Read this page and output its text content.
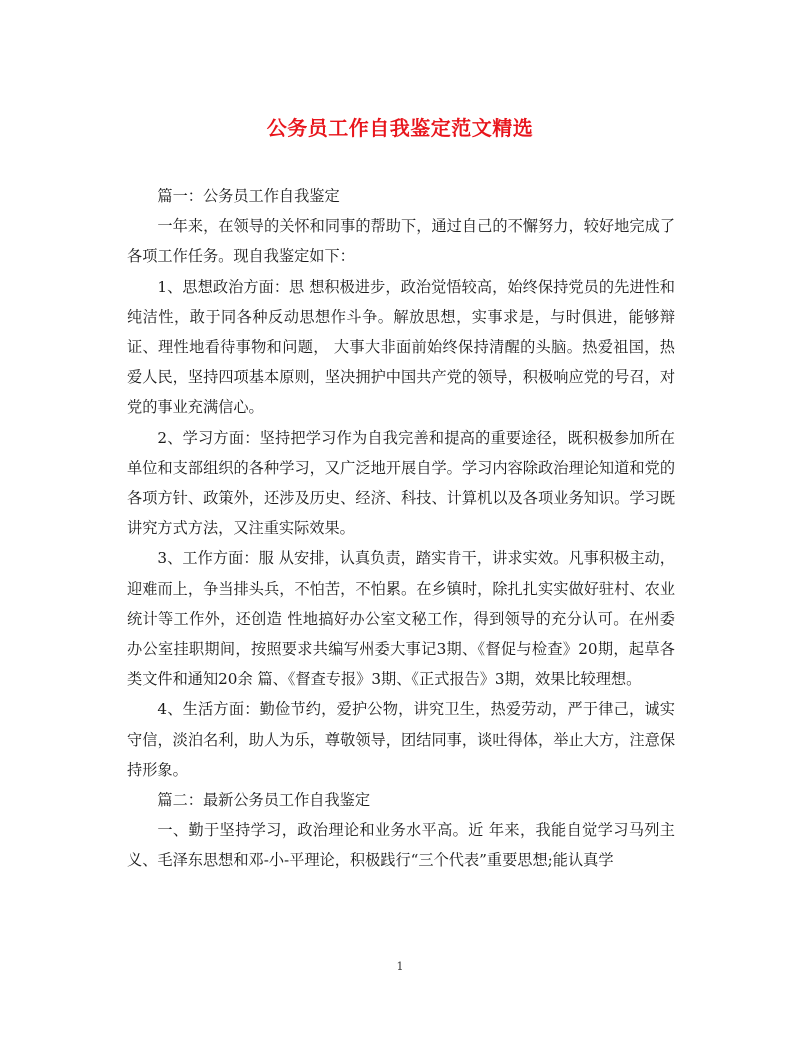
公务员工作自我鉴定范文精选

篇一：公务员工作自我鉴定

一年来，在领导的关怀和同事的帮助下，通过自己的不懈努力，较好地完成了各项工作任务。现自我鉴定如下：

1、思想政治方面：思 想积极进步，政治觉悟较高，始终保持党员的先进性和纯洁性，敢于同各种反动思想作斗争。解放思想，实事求是，与时俱进，能够辩证、理性地看待事物和问题， 大事大非面前始终保持清醒的头脑。热爱祖国，热爱人民，坚持四项基本原则，坚决拥护中国共产党的领导，积极响应党的号召，对党的事业充满信心。

2、学习方面：坚持把学习作为自我完善和提高的重要途径，既积极参加所在单位和支部组织的各种学习，又广泛地开展自学。学习内容除政治理论知道和党的各项方针、政策外，还涉及历史、经济、科技、计算机以及各项业务知识。学习既讲究方式方法，又注重实际效果。

3、工作方面：服 从安排，认真负责，踏实肯干，讲求实效。凡事积极主动，迎难而上，争当排头兵，不怕苦，不怕累。在乡镇时，除扎扎实实做好驻村、农业统计等工作外，还创造 性地搞好办公室文秘工作，得到领导的充分认可。在州委办公室挂职期间，按照要求共编写州委大事记3期、《督促与检查》20期，起草各类文件和通知20余 篇、《督查专报》3期、《正式报告》3期，效果比较理想。

4、生活方面：勤俭节约，爱护公物，讲究卫生，热爱劳动，严于律己，诚实守信，淡泊名利，助人为乐，尊敬领导，团结同事，谈吐得体，举止大方，注意保持形象。

篇二：最新公务员工作自我鉴定

一、勤于坚持学习，政治理论和业务水平高。近 年来，我能自觉学习马列主义、毛泽东思想和邓-小-平理论，积极践行“三个代表”重要思想;能认真学

1
